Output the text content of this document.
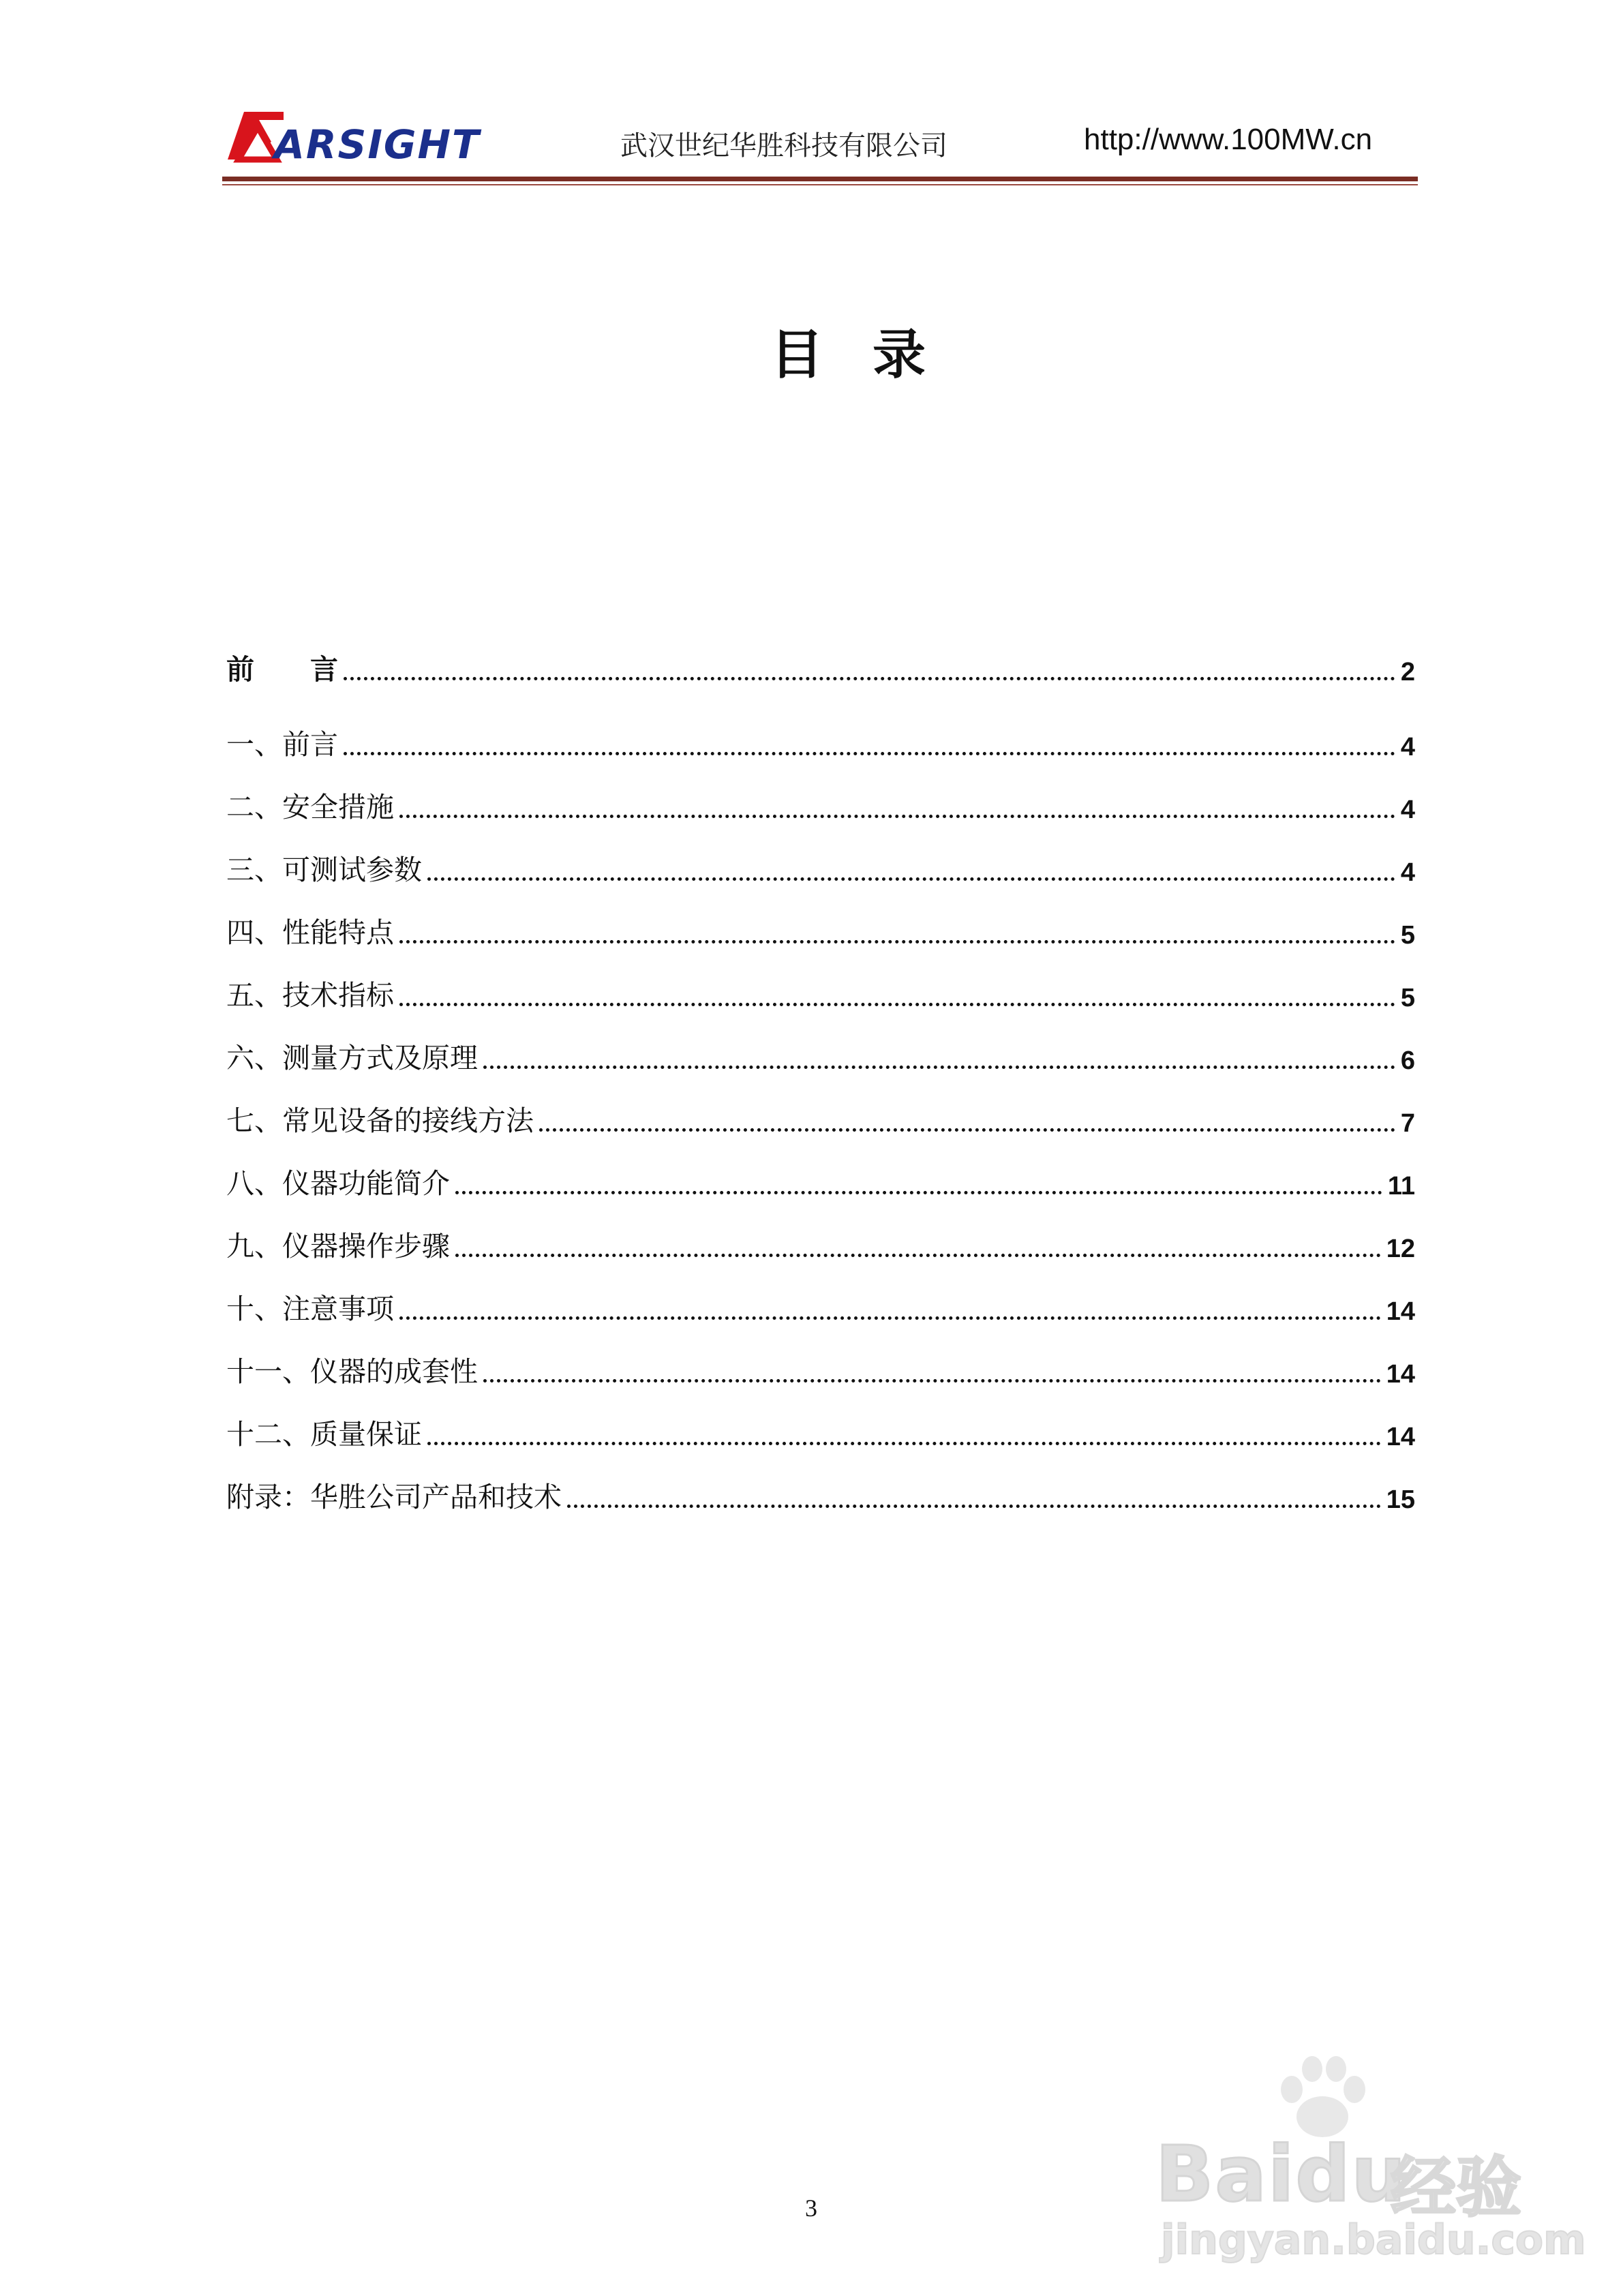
ARSIGHT	武汉世纪华胜科技有限公司	http://www.100MW.cn
目录
前　　言	2
一、前言	4
二、安全措施	4
三、可测试参数	4
四、性能特点	5
五、技术指标	5
六、测量方式及原理	6
七、常见设备的接线方法	7
八、仪器功能简介	11
九、仪器操作步骤	12
十、注意事项	14
十一、仪器的成套性	14
十二、质量保证	14
附录：华胜公司产品和技术	15
3	Baidu
经验
jingyan.baidu.com
